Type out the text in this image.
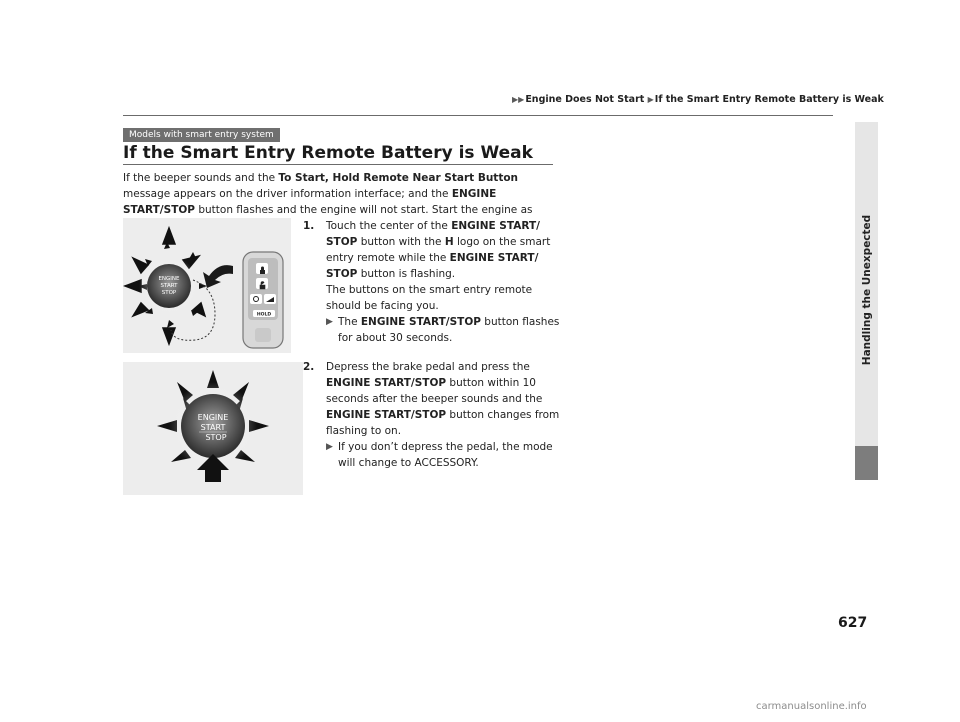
▶▶Engine Does Not Start ▶If the Smart Entry Remote Battery is Weak
Handling the Unexpected
Models with smart entry system
If the Smart Entry Remote Battery is Weak
If the beeper sounds and the To Start, Hold Remote Near Start Button message appears on the driver information interface; and the ENGINE START/STOP button flashes and the engine will not start. Start the engine as
1. Touch the center of the ENGINE START/ STOP button with the H logo on the smart entry remote while the ENGINE START/ STOP button is flashing.
The buttons on the smart entry remote should be facing you.
▶ The ENGINE START/STOP button flashes for about 30 seconds.
2. Depress the brake pedal and press the ENGINE START/STOP button within 10 seconds after the beeper sounds and the ENGINE START/STOP button changes from flashing to on.
▶ If you don’t depress the pedal, the mode will change to ACCESSORY.
ENGINE
START
STOP
HOLD
ENGINE
START
STOP
627
carmanualsonline.info
